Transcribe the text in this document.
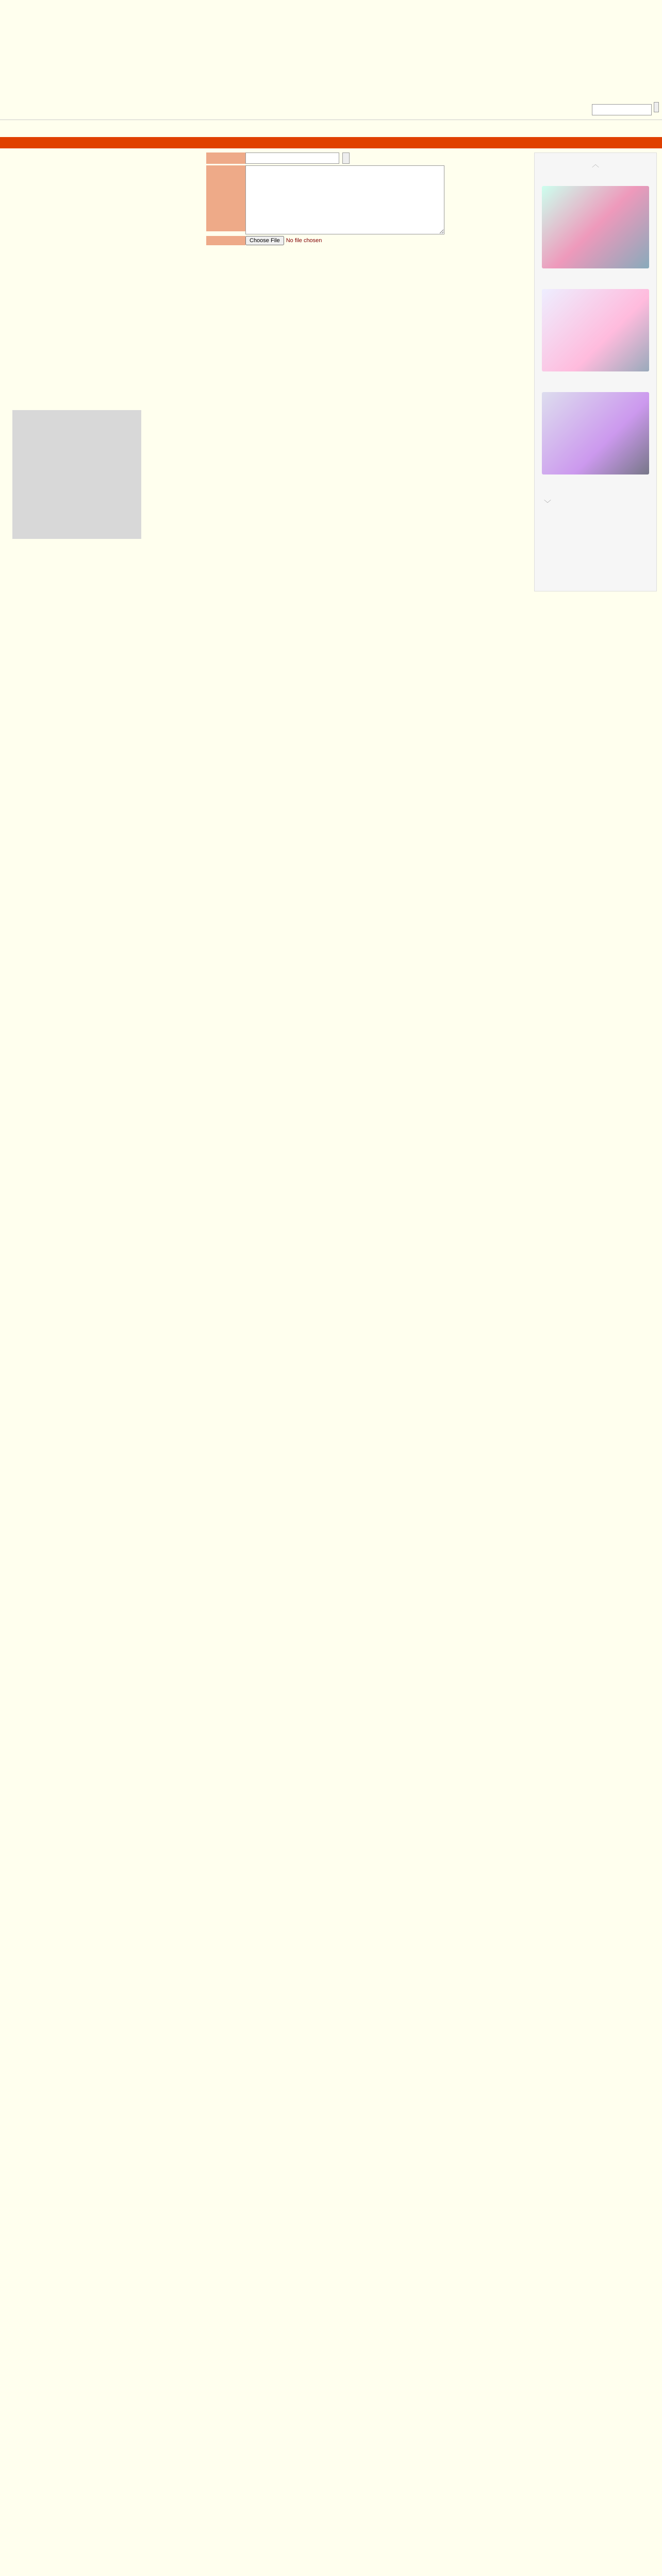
︿
﹀
